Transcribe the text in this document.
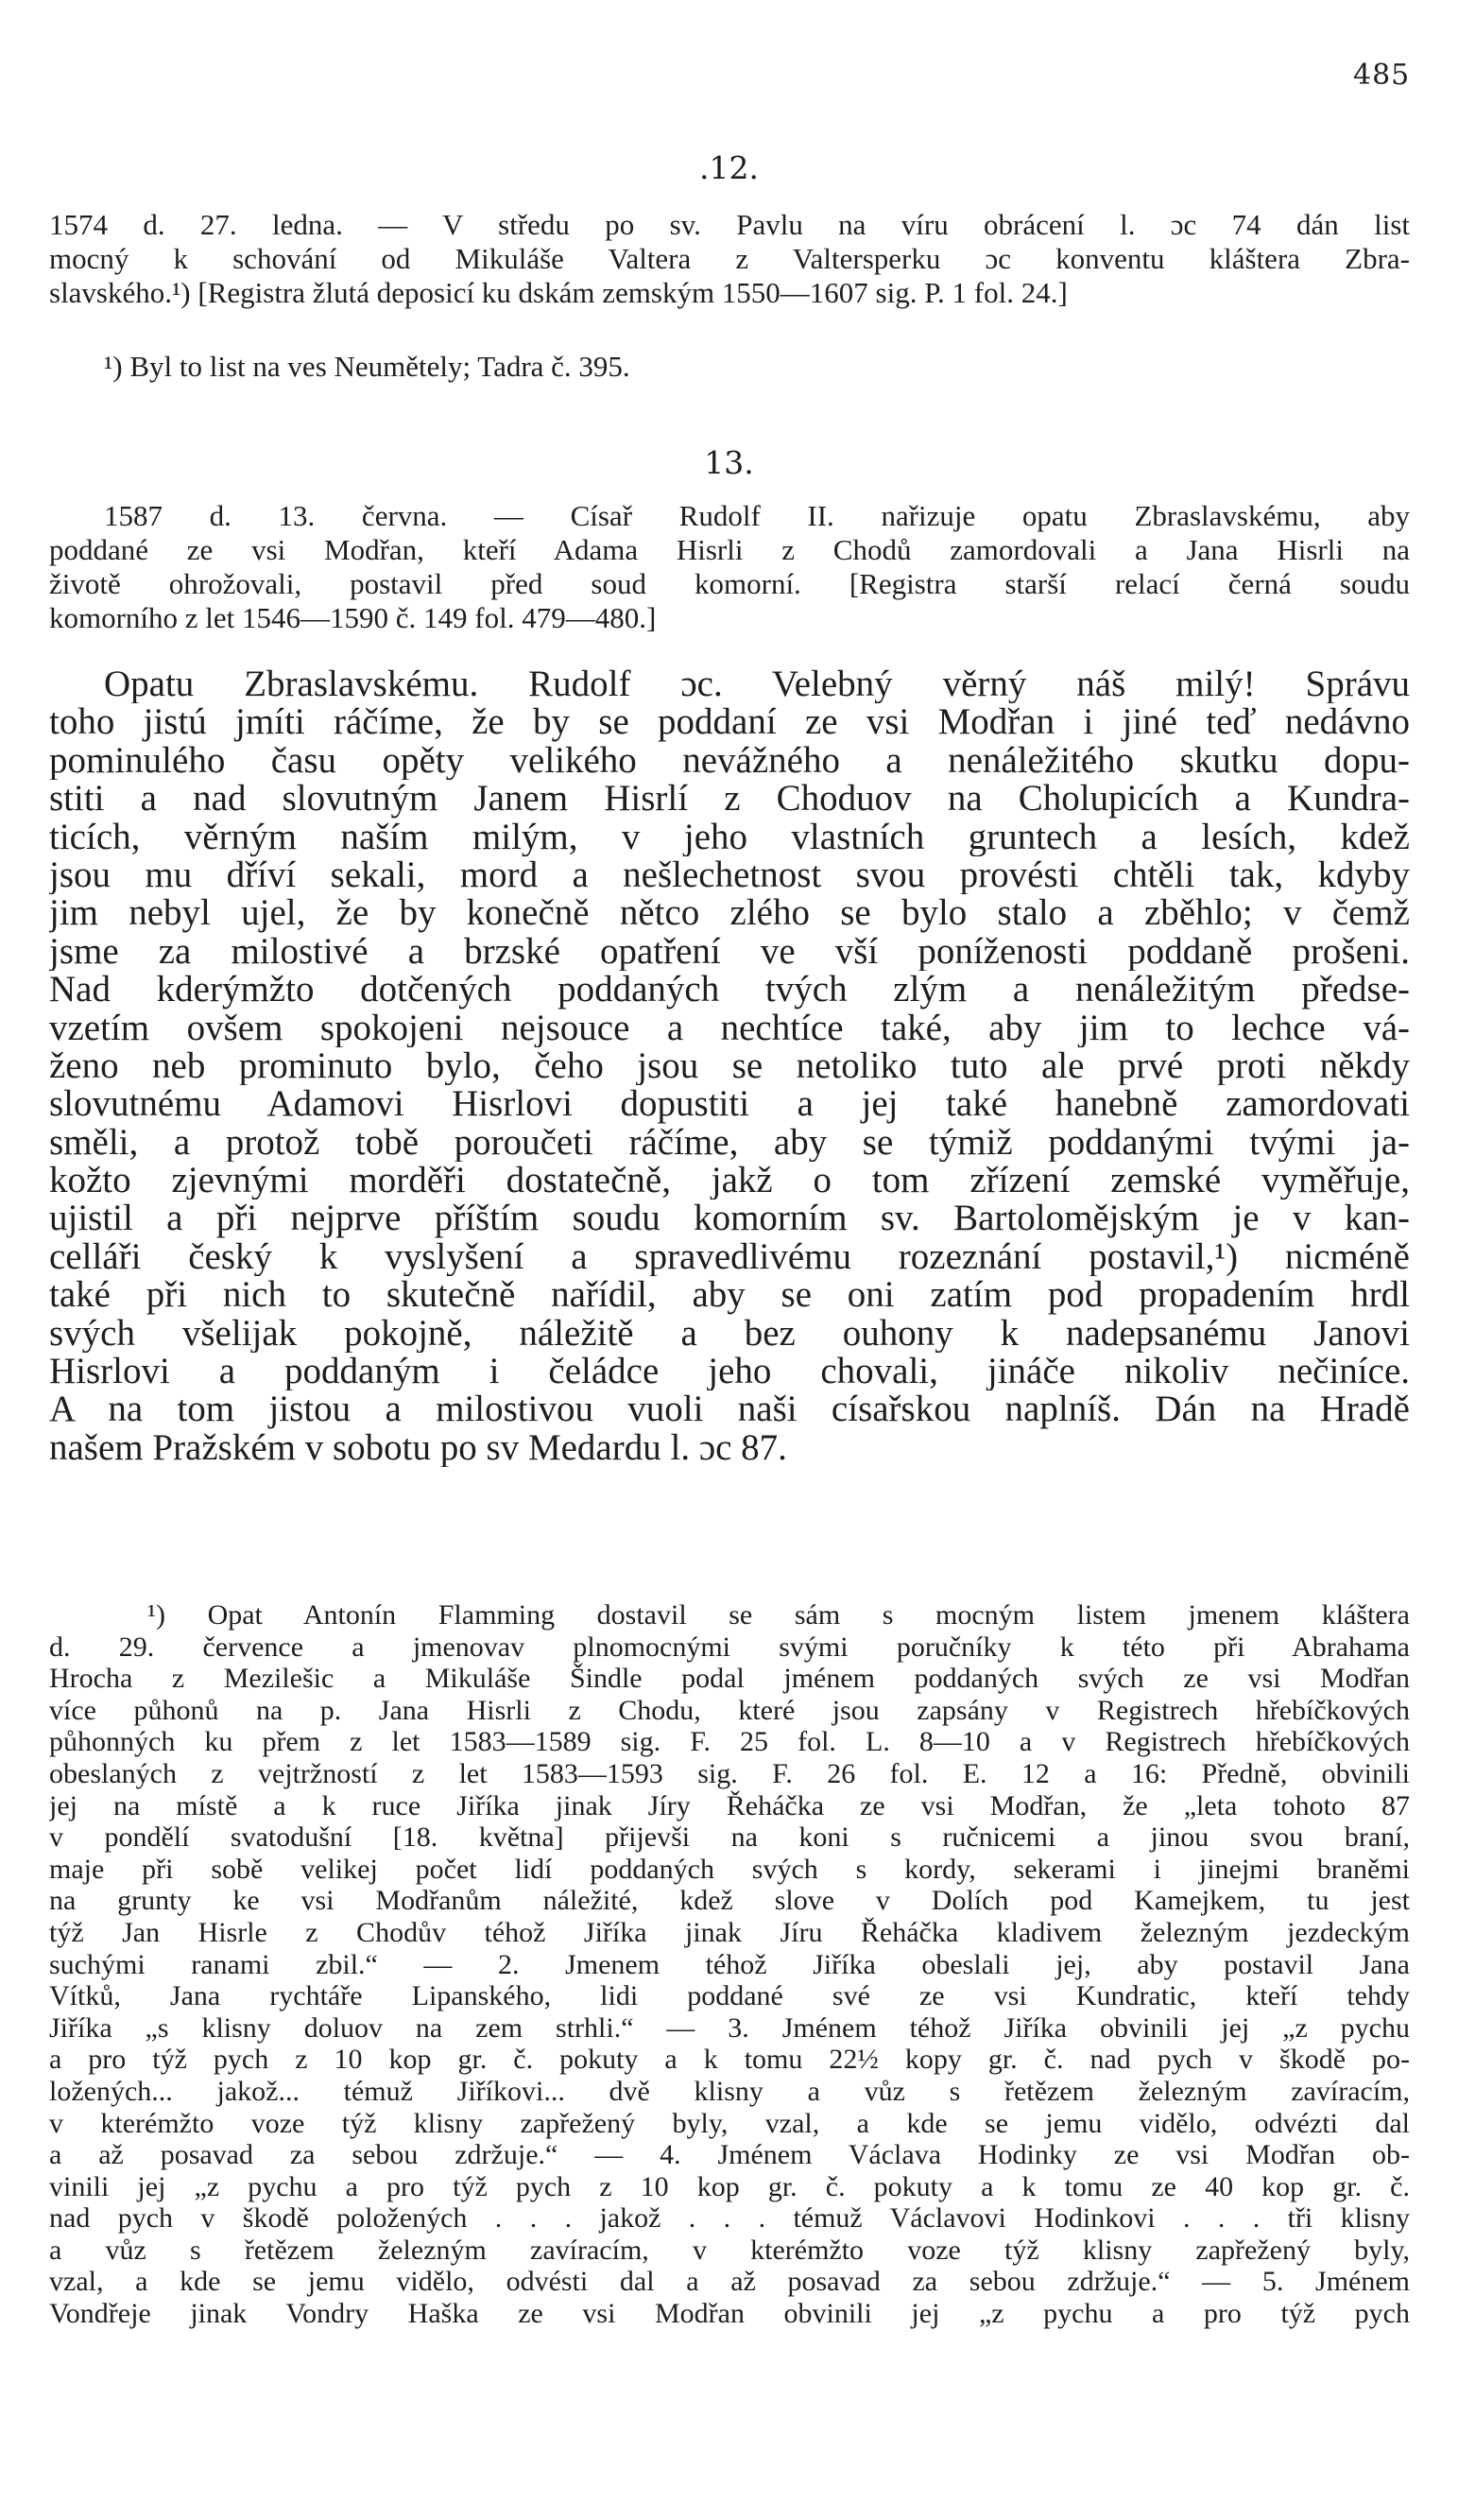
485
.12.
1574 d. 27. ledna. — V středu po sv. Pavlu na víru obrácení l. ɔc 74 dán list
mocný k schování od Mikuláše Valtera z Valtersperku ɔc konventu kláštera Zbra-
slavského.¹) [Registra žlutá deposicí ku dskám zemským 1550—1607 sig. P. 1 fol. 24.]
¹) Byl to list na ves Neumětely; Tadra č. 395.
13.
1587 d. 13. června. — Císař Rudolf II. nařizuje opatu Zbraslavskému, aby
poddané ze vsi Modřan, kteří Adama Hisrli z Chodů zamordovali a Jana Hisrli na
životě ohrožovali, postavil před soud komorní. [Registra starší relací černá soudu
komorního z let 1546—1590 č. 149 fol. 479—480.]
Opatu Zbraslavskému. Rudolf ɔc. Velebný věrný náš milý! Správu
toho jistú jmíti ráčíme, že by se poddaní ze vsi Modřan i jiné teď nedávno
pominulého času opěty velikého nevážného a nenáležitého skutku dopu-
stiti a nad slovutným Janem Hisrlí z Choduov na Cholupicích a Kundra-
ticích, věrným naším milým, v jeho vlastních gruntech a lesích, kdež
jsou mu dříví sekali, mord a nešlechetnost svou provésti chtěli tak, kdyby
jim nebyl ujel, že by konečně nětco zlého se bylo stalo a zběhlo; v čemž
jsme za milostivé a brzské opatření ve vší poníženosti poddaně prošeni.
Nad kderýmžto dotčených poddaných tvých zlým a nenáležitým předse-
vzetím ovšem spokojeni nejsouce a nechtíce také, aby jim to lechce vá-
ženo neb prominuto bylo, čeho jsou se netoliko tuto ale prvé proti někdy
slovutnému Adamovi Hisrlovi dopustiti a jej také hanebně zamordovati
směli, a protož tobě poroučeti ráčíme, aby se týmiž poddanými tvými ja-
kožto zjevnými morděři dostatečně, jakž o tom zřízení zemské vyměřuje,
ujistil a při nejprve příštím soudu komorním sv. Bartolomějským je v kan-
celláři český k vyslyšení a spravedlivému rozeznání postavil,¹) nicméně
také při nich to skutečně nařídil, aby se oni zatím pod propadením hrdl
svých všelijak pokojně, náležitě a bez ouhony k nadepsanému Janovi
Hisrlovi a poddaným i čeládce jeho chovali, jináče nikoliv nečiníce.
A na tom jistou a milostivou vuoli naši císařskou naplníš. Dán na Hradě
našem Pražském v sobotu po sv Medardu l. ɔc 87.
¹) Opat Antonín Flamming dostavil se sám s mocným listem jmenem kláštera
d. 29. července a jmenovav plnomocnými svými poručníky k této při Abrahama
Hrocha z Mezilešic a Mikuláše Šindle podal jménem poddaných svých ze vsi Modřan
více půhonů na p. Jana Hisrli z Chodu, které jsou zapsány v Registrech hřebíčkových
půhonných ku přem z let 1583—1589 sig. F. 25 fol. L. 8—10 a v Registrech hřebíčkových
obeslaných z vejtržností z let 1583—1593 sig. F. 26 fol. E. 12 a 16: Předně, obvinili
jej na místě a k ruce Jiříka jinak Jíry Řeháčka ze vsi Modřan, že „leta tohoto 87
v pondělí svatodušní [18. května] přijevši na koni s ručnicemi a jinou svou braní,
maje při sobě velikej počet lidí poddaných svých s kordy, sekerami i jinejmi braněmi
na grunty ke vsi Modřanům náležité, kdež slove v Dolích pod Kamejkem, tu jest
týž Jan Hisrle z Chodův téhož Jiříka jinak Jíru Řeháčka kladivem železným jezdeckým
suchými ranami zbil.“ — 2. Jmenem téhož Jiříka obeslali jej, aby postavil Jana
Vítků, Jana rychtáře Lipanského, lidi poddané své ze vsi Kundratic, kteří tehdy
Jiříka „s klisny doluov na zem strhli.“ — 3. Jménem téhož Jiříka obvinili jej „z pychu
a pro týž pych z 10 kop gr. č. pokuty a k tomu 22½ kopy gr. č. nad pych v škodě po-
ložených... jakož... témuž Jiříkovi... dvě klisny a vůz s řetězem železným zavíracím,
v kterémžto voze týž klisny zapřežený byly, vzal, a kde se jemu vidělo, odvézti dal
a až posavad za sebou zdržuje.“ — 4. Jménem Václava Hodinky ze vsi Modřan ob-
vinili jej „z pychu a pro týž pych z 10 kop gr. č. pokuty a k tomu ze 40 kop gr. č.
nad pych v škodě položených . . . jakož . . . témuž Václavovi Hodinkovi . . . tři klisny
a vůz s řetězem železným zavíracím, v kterémžto voze týž klisny zapřežený byly,
vzal, a kde se jemu vidělo, odvésti dal a až posavad za sebou zdržuje.“ — 5. Jménem
Vondřeje jinak Vondry Haška ze vsi Modřan obvinili jej „z pychu a pro týž pych
